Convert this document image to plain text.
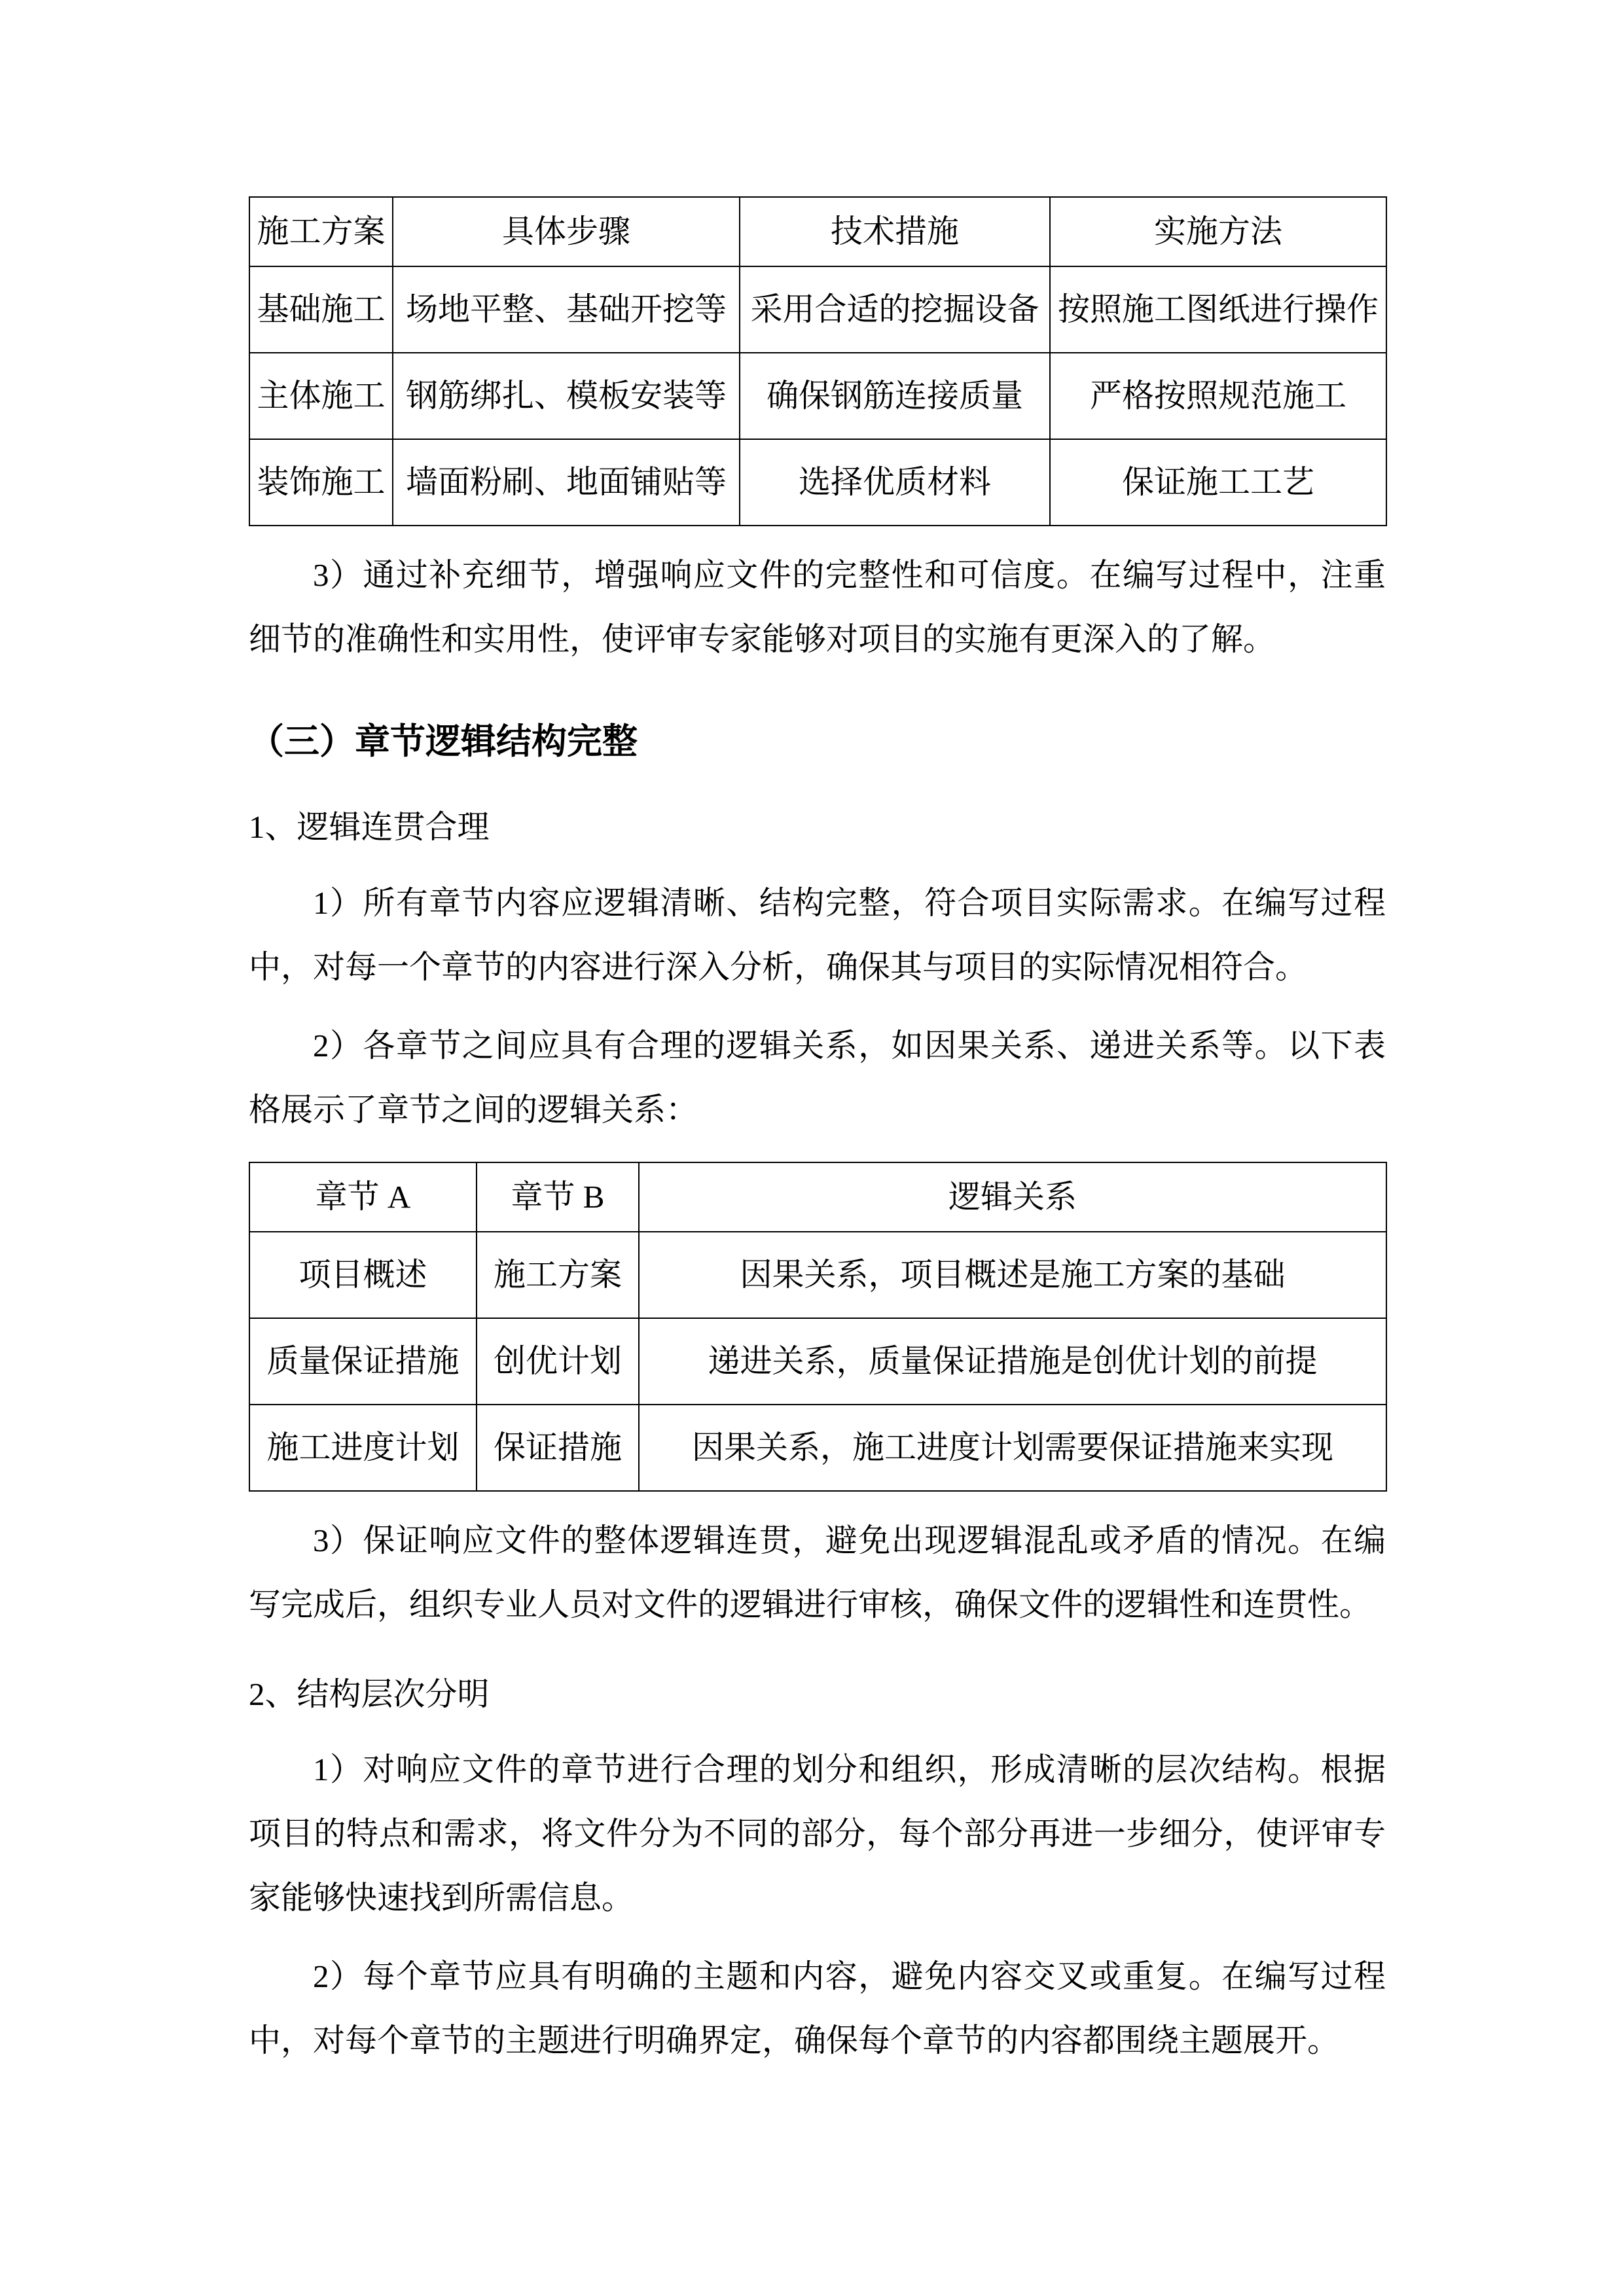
施工方案	具体步骤	技术措施	实施方法
基础施工	场地平整、基础开挖等	采用合适的挖掘设备	按照施工图纸进行操作
主体施工	钢筋绑扎、模板安装等	确保钢筋连接质量	严格按照规范施工
装饰施工	墙面粉刷、地面铺贴等	选择优质材料	保证施工工艺

3）通过补充细节，增强响应文件的完整性和可信度。在编写过程中，注重细节的准确性和实用性，使评审专家能够对项目的实施有更深入的了解。

（三）章节逻辑结构完整
1、逻辑连贯合理

1）所有章节内容应逻辑清晰、结构完整，符合项目实际需求。在编写过程中，对每一个章节的内容进行深入分析，确保其与项目的实际情况相符合。

2）各章节之间应具有合理的逻辑关系，如因果关系、递进关系等。以下表格展示了章节之间的逻辑关系：

章节 A	章节 B	逻辑关系
项目概述	施工方案	因果关系，项目概述是施工方案的基础
质量保证措施	创优计划	递进关系，质量保证措施是创优计划的前提
施工进度计划	保证措施	因果关系，施工进度计划需要保证措施来实现

3）保证响应文件的整体逻辑连贯，避免出现逻辑混乱或矛盾的情况。在编写完成后，组织专业人员对文件的逻辑进行审核，确保文件的逻辑性和连贯性。

2、结构层次分明

1）对响应文件的章节进行合理的划分和组织，形成清晰的层次结构。根据项目的特点和需求，将文件分为不同的部分，每个部分再进一步细分，使评审专家能够快速找到所需信息。

2）每个章节应具有明确的主题和内容，避免内容交叉或重复。在编写过程中，对每个章节的主题进行明确界定，确保每个章节的内容都围绕主题展开。
